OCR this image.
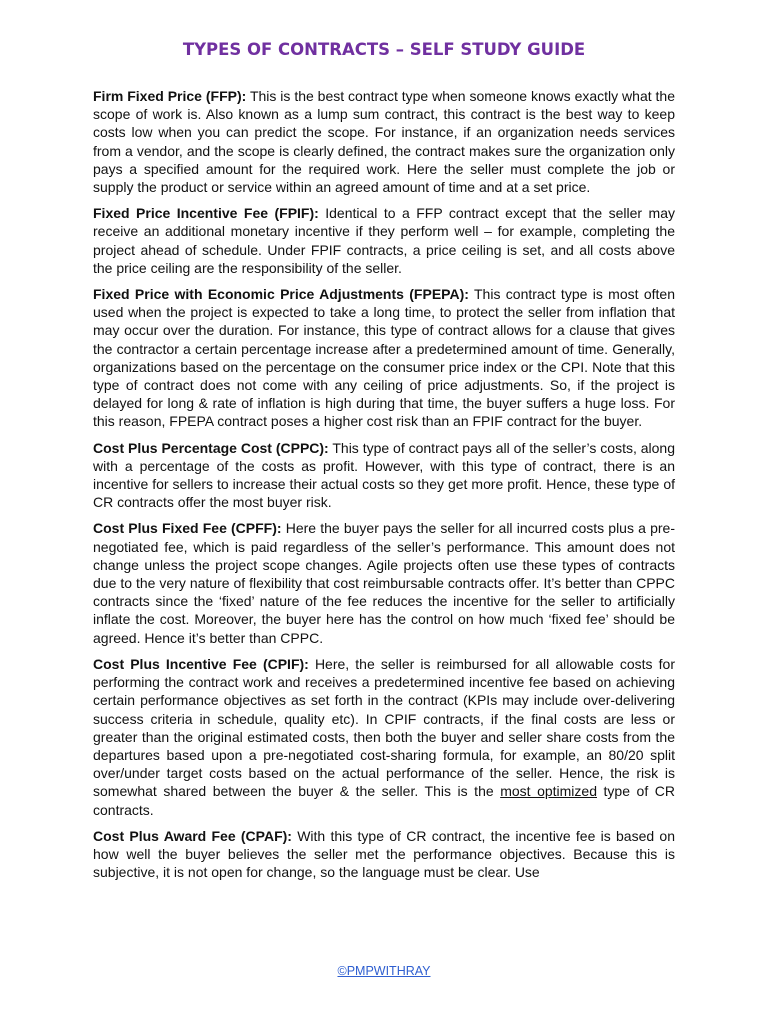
TYPES OF CONTRACTS – SELF STUDY GUIDE

Firm Fixed Price (FFP): This is the best contract type when someone knows exactly what the scope of work is. Also known as a lump sum contract, this contract is the best way to keep costs low when you can predict the scope. For instance, if an organization needs services from a vendor, and the scope is clearly defined, the contract makes sure the organization only pays a specified amount for the required work. Here the seller must complete the job or supply the product or service within an agreed amount of time and at a set price.

Fixed Price Incentive Fee (FPIF): Identical to a FFP contract except that the seller may receive an additional monetary incentive if they perform well – for example, completing the project ahead of schedule. Under FPIF contracts, a price ceiling is set, and all costs above the price ceiling are the responsibility of the seller.

Fixed Price with Economic Price Adjustments (FPEPA): This contract type is most often used when the project is expected to take a long time, to protect the seller from inflation that may occur over the duration. For instance, this type of contract allows for a clause that gives the contractor a certain percentage increase after a predetermined amount of time. Generally, organizations based on the percentage on the consumer price index or the CPI. Note that this type of contract does not come with any ceiling of price adjustments. So, if the project is delayed for long & rate of inflation is high during that time, the buyer suffers a huge loss. For this reason, FPEPA contract poses a higher cost risk than an FPIF contract for the buyer.

Cost Plus Percentage Cost (CPPC): This type of contract pays all of the seller’s costs, along with a percentage of the costs as profit. However, with this type of contract, there is an incentive for sellers to increase their actual costs so they get more profit. Hence, these type of CR contracts offer the most buyer risk.

Cost Plus Fixed Fee (CPFF): Here the buyer pays the seller for all incurred costs plus a pre-negotiated fee, which is paid regardless of the seller’s performance. This amount does not change unless the project scope changes. Agile projects often use these types of contracts due to the very nature of flexibility that cost reimbursable contracts offer. It’s better than CPPC contracts since the ‘fixed’ nature of the fee reduces the incentive for the seller to artificially inflate the cost. Moreover, the buyer here has the control on how much ‘fixed fee’ should be agreed. Hence it’s better than CPPC.

Cost Plus Incentive Fee (CPIF): Here, the seller is reimbursed for all allowable costs for performing the contract work and receives a predetermined incentive fee based on achieving certain performance objectives as set forth in the contract (KPIs may include over-delivering success criteria in schedule, quality etc). In CPIF contracts, if the final costs are less or greater than the original estimated costs, then both the buyer and seller share costs from the departures based upon a pre-negotiated cost-sharing formula, for example, an 80/20 split over/under target costs based on the actual performance of the seller. Hence, the risk is somewhat shared between the buyer & the seller. This is the most optimized type of CR contracts.

Cost Plus Award Fee (CPAF): With this type of CR contract, the incentive fee is based on how well the buyer believes the seller met the performance objectives. Because this is subjective, it is not open for change, so the language must be clear. Use

©PMPWITHRAY
